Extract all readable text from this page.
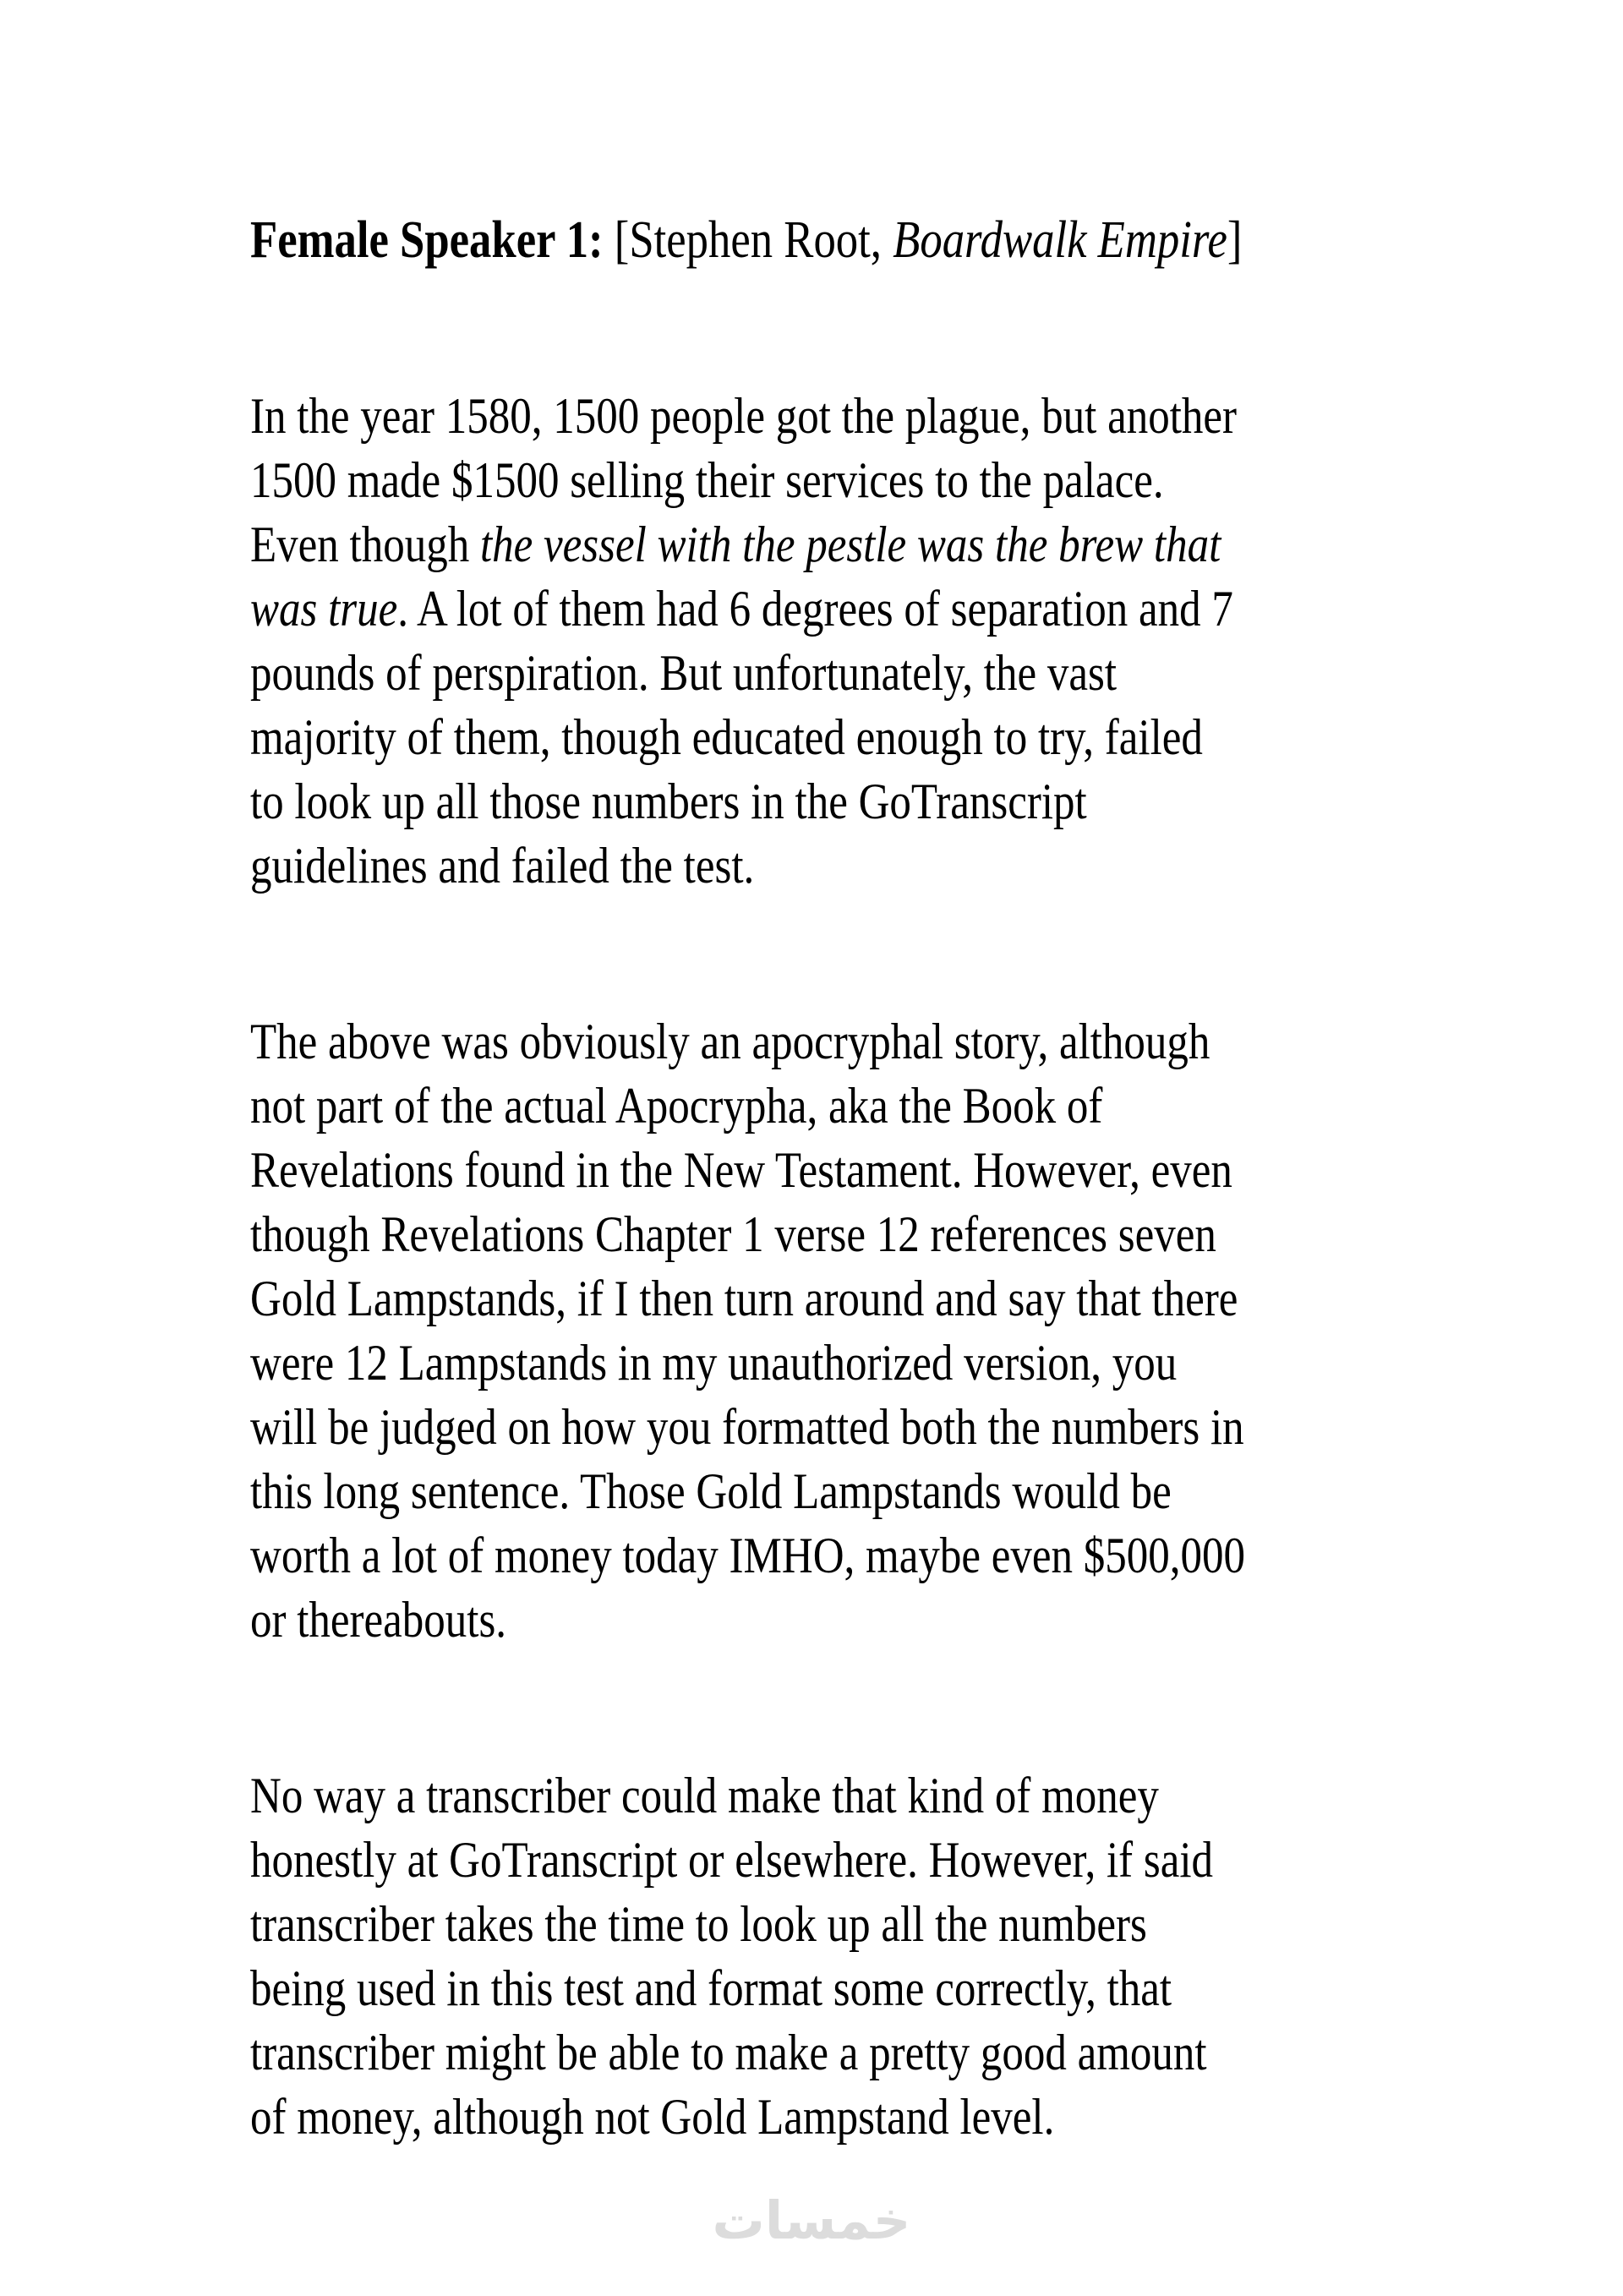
Female Speaker 1: [Stephen Root, Boardwalk Empire]
In the year 1580, 1500 people got the plague, but another
1500 made $1500 selling their services to the palace.
Even though the vessel with the pestle was the brew that
was true. A lot of them had 6 degrees of separation and 7
pounds of perspiration. But unfortunately, the vast
majority of them, though educated enough to try, failed
to look up all those numbers in the GoTranscript
guidelines and failed the test.
The above was obviously an apocryphal story, although
not part of the actual Apocrypha, aka the Book of
Revelations found in the New Testament. However, even
though Revelations Chapter 1 verse 12 references seven
Gold Lampstands, if I then turn around and say that there
were 12 Lampstands in my unauthorized version, you
will be judged on how you formatted both the numbers in
this long sentence. Those Gold Lampstands would be
worth a lot of money today IMHO, maybe even $500,000
or thereabouts.
No way a transcriber could make that kind of money
honestly at GoTranscript or elsewhere. However, if said
transcriber takes the time to look up all the numbers
being used in this test and format some correctly, that
transcriber might be able to make a pretty good amount
of money, although not Gold Lampstand level.
خمسات
